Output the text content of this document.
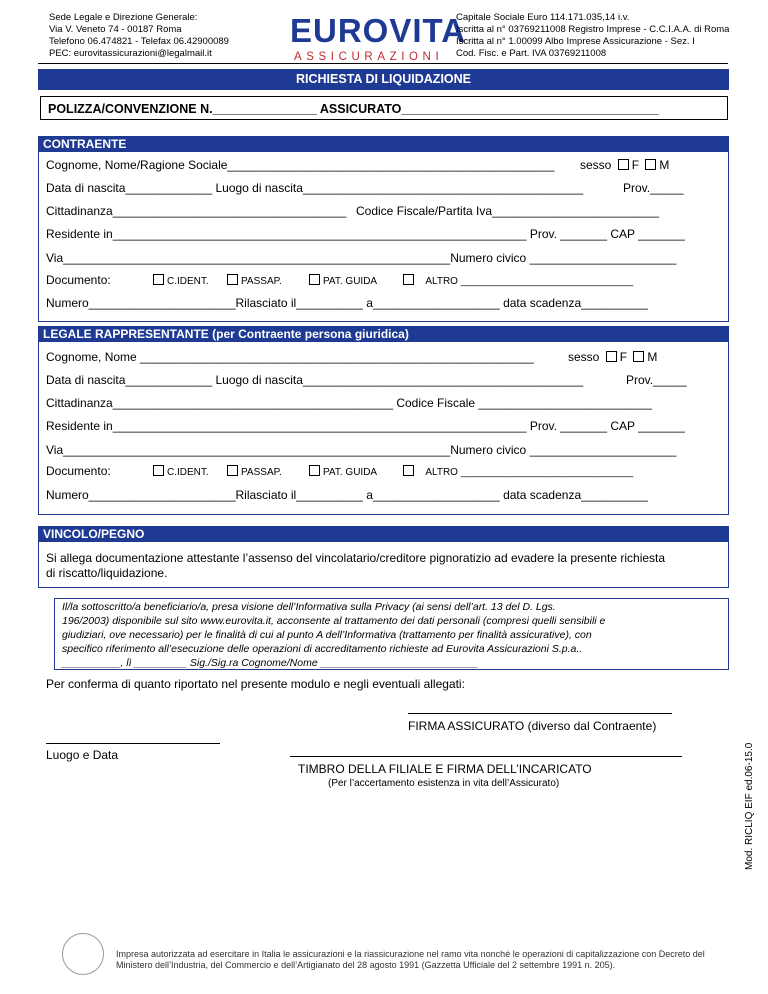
Sede Legale e Direzione Generale:
Via V. Veneto 74 - 00187 Roma
Telefono 06.474821 - Telefax 06.42900089
PEC: eurovitassicurazioni@legalmail.it
EUROVITA
ASSICURAZIONI
Capitale Sociale Euro 114.171.035,14 i.v.
Iscritta al n° 03769211008 Registro Imprese - C.C.I.A.A. di Roma
Iscritta al n° 1.00099 Albo Imprese Assicurazione - Sez. I
Cod. Fisc. e Part. IVA 03769211008
RICHIESTA DI LIQUIDAZIONE
POLIZZA/CONVENZIONE N._______________ ASSICURATO_____________________________________
CONTRAENTE
Cognome, Nome/Ragione Sociale_________________________________________________ sesso F M
Data di nascita_____________ Luogo di nascita__________________________________________	Prov._____
Cittadinanza___________________________________ Codice Fiscale/Partita Iva_________________________
Residente in______________________________________________________________ Prov. _______ CAP _______
Via__________________________________________________________Numero civico ______________________
Documento:	C.IDENT.	PASSAP.	PAT. GUIDA	ALTRO _______________________________
Numero______________________Rilasciato il__________ a___________________ data scadenza__________
LEGALE RAPPRESENTANTE (per Contraente persona giuridica)
Cognome, Nome ___________________________________________________________	sesso F M
Data di nascita_____________ Luogo di nascita__________________________________________	Prov._____
Cittadinanza__________________________________________ Codice Fiscale __________________________
Residente in______________________________________________________________ Prov. _______ CAP _______
Via__________________________________________________________Numero civico ______________________
Documento:	C.IDENT.	PASSAP.	PAT. GUIDA	ALTRO _______________________________
Numero______________________Rilasciato il__________ a___________________ data scadenza__________
VINCOLO/PEGNO
Si allega documentazione attestante l’assenso del vincolatario/creditore pignoratizio ad evadere la presente richiesta
di riscatto/liquidazione.
Il/la sottoscritto/a beneficiario/a, presa visione dell’Informativa sulla Privacy (ai sensi dell’art. 13 del D. Lgs.
196/2003) disponibile sul sito www.eurovita.it, acconsente al trattamento dei dati personali (compresi quelli sensibili e
giudiziari, ove necessario) per le finalità di cui al punto A dell’Informativa (trattamento per finalità assicurative), con
specifico riferimento all’esecuzione delle operazioni di accreditamento richieste ad Eurovita Assicurazioni S.p.a..
__________, lì _________ Sig./Sig.ra Cognome/Nome ___________________________
Per conferma di quanto riportato nel presente modulo e negli eventuali allegati:
FIRMA ASSICURATO (diverso dal Contraente)
Luogo e Data
TIMBRO DELLA FILIALE E FIRMA DELL’INCARICATO
(Per l’accertamento esistenza in vita dell’Assicurato)	Mod. RICLIQ EIF ed.06-15.0
Impresa autorizzata ad esercitare in Italia le assicurazioni e la riassicurazione nel ramo vita nonché le operazioni di capitalizzazione con Decreto del
Ministero dell’Industria, del Commercio e dell’Artigianato del 28 agosto 1991 (Gazzetta Ufficiale del 2 settembre 1991 n. 205).
